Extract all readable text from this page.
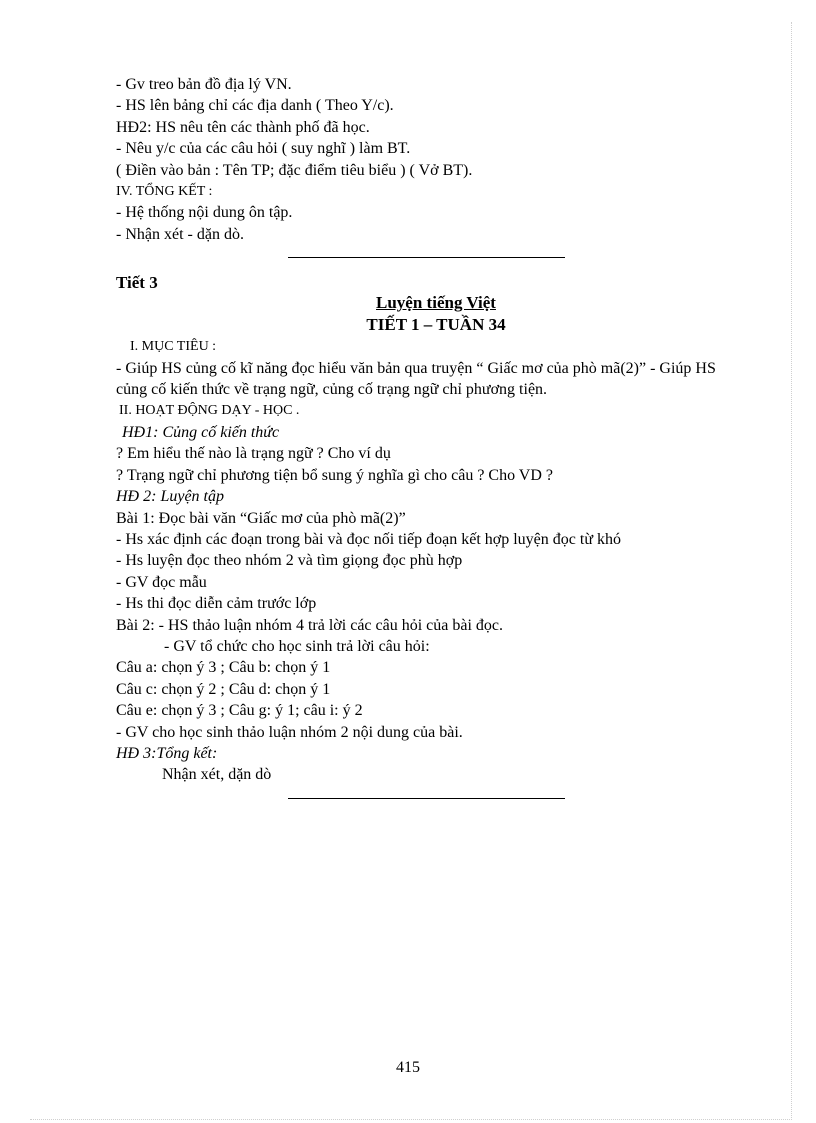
- Gv treo bản đồ địa lý VN.
- HS lên bảng chỉ các địa danh ( Theo Y/c).
HĐ2: HS nêu tên các thành phố đã học.
- Nêu y/c của các câu hỏi ( suy nghĩ ) làm BT.
( Điền vào bản : Tên TP; đặc điểm tiêu biểu ) ( Vở BT).
IV. TỔNG KẾT :
- Hệ thống nội dung ôn tập.
- Nhận xét - dặn dò.
Tiết 3
Luyện tiếng Việt
TIẾT 1 – TUẦN 34
I. MỤC TIÊU :
- Giúp HS củng cố kĩ năng đọc hiểu văn bản qua truyện “ Giấc mơ của phò mã(2)” - Giúp HS củng cố kiến thức về trạng ngữ, củng cố trạng ngữ chỉ phương tiện.
II. HOẠT ĐỘNG DẠY - HỌC .
HĐ1: Củng cố kiến thức
? Em hiểu thế nào là trạng ngữ ? Cho ví dụ
? Trạng ngữ chỉ phương tiện bổ sung ý nghĩa gì cho câu ? Cho VD ?
HĐ 2: Luyện tập
Bài 1: Đọc bài văn “Giấc mơ của phò mã(2)”
- Hs xác định các đoạn trong bài và đọc nối tiếp đoạn kết hợp luyện đọc từ khó
- Hs luyện đọc theo nhóm 2 và tìm giọng đọc phù hợp
- GV đọc mẫu
- Hs thi đọc diễn cảm trước lớp
Bài 2: - HS thảo luận nhóm 4 trả lời các câu hỏi của bài đọc.
- GV tổ chức cho học sinh trả lời câu hỏi:
Câu a: chọn ý 3 ; Câu b: chọn ý 1
Câu c: chọn ý 2 ; Câu d: chọn ý 1
Câu e: chọn ý 3 ; Câu g: ý 1; câu i: ý 2
- GV cho học sinh thảo luận nhóm 2 nội dung của bài.
HĐ 3:Tổng kết:
Nhận xét, dặn dò
415
